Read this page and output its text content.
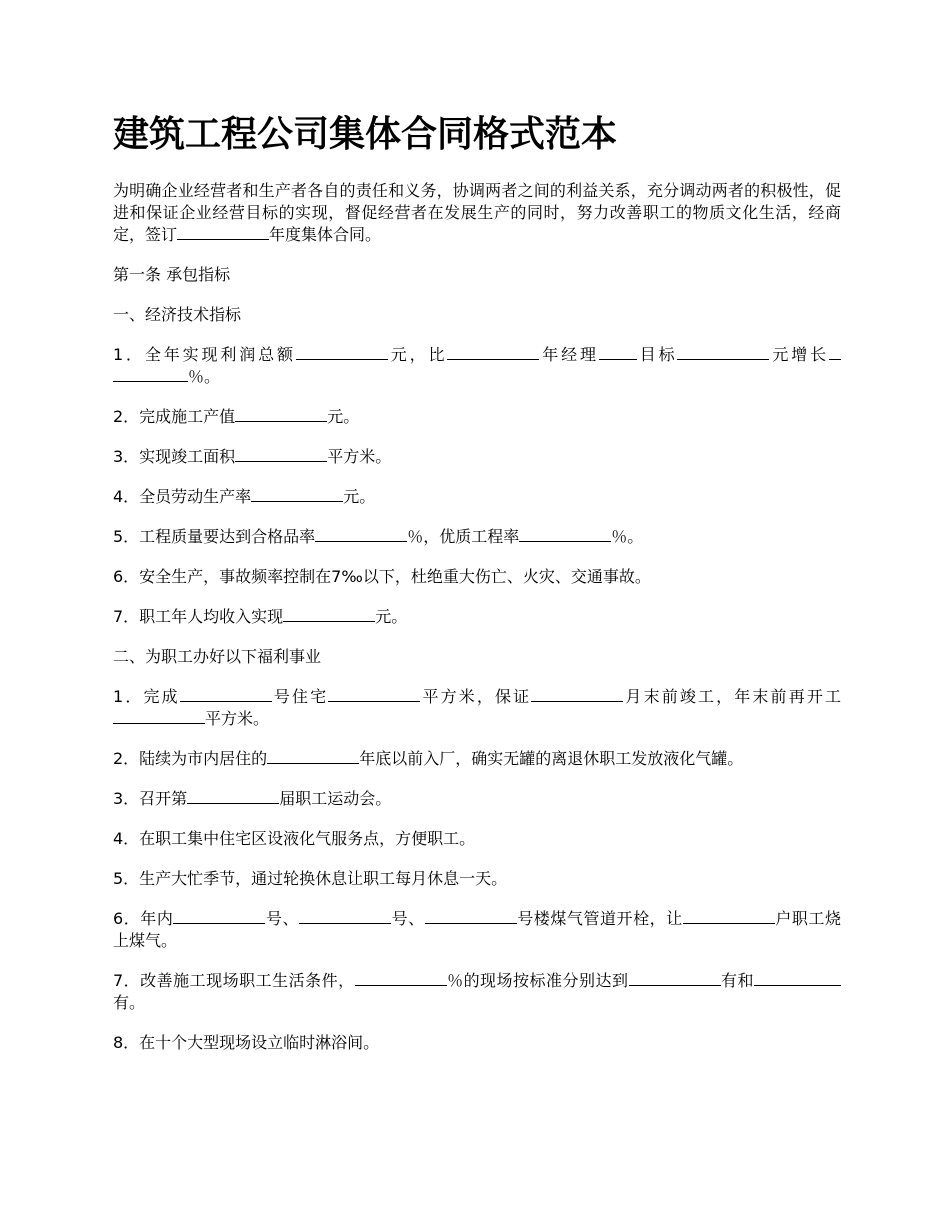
建筑工程公司集体合同格式范本

为明确企业经营者和生产者各自的责任和义务，协调两者之间的利益关系，充分调动两者的积极性，促进和保证企业经营目标的实现，督促经营者在发展生产的同时，努力改善职工的物质文化生活，经商定，签订	年度集体合同。

第一条 承包指标

一、经济技术指标

1．全年实现利润总额	元，比	年经理 目标	元增长％。

2．完成施工产值	元。

3．实现竣工面积	平方米。

4．全员劳动生产率	元。

5．工程质量要达到合格品率	％，优质工程率	％。

6．安全生产，事故频率控制在7‰以下，杜绝重大伤亡、火灾、交通事故。

7．职工年人均收入实现	元。

二、为职工办好以下福利事业

1．完成	号住宅	平方米，保证	月末前竣工，年末前再开工平方米。

2．陆续为市内居住的	年底以前入厂，确实无罐的离退休职工发放液化气罐。

3．召开第	届职工运动会。

4．在职工集中住宅区设液化气服务点，方便职工。

5．生产大忙季节，通过轮换休息让职工每月休息一天。

6．年内	号、	号、	号楼煤气管道开栓，让	户职工烧上煤气。

7．改善施工现场职工生活条件，	％的现场按标准分别达到	有和有。

8．在十个大型现场设立临时淋浴间。
